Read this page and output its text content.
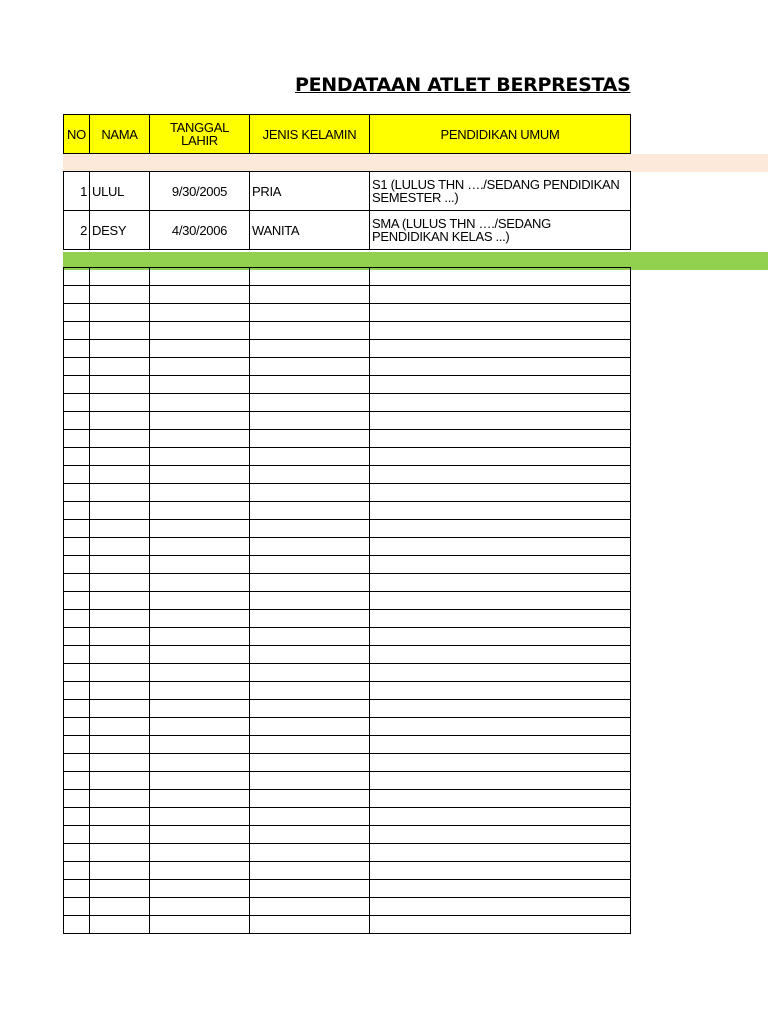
PENDATAAN ATLET BERPRESTAS
NO	NAMA	TANGGAL LAHIR	JENIS KELAMIN	PENDIDIKAN UMUM

1	ULUL	9/30/2005	PRIA	S1 (LULUS THN …./SEDANG PENDIDIKAN SEMESTER ...)
2	DESY	4/30/2006	WANITA	SMA (LULUS THN …./SEDANG PENDIDIKAN KELAS ...)
